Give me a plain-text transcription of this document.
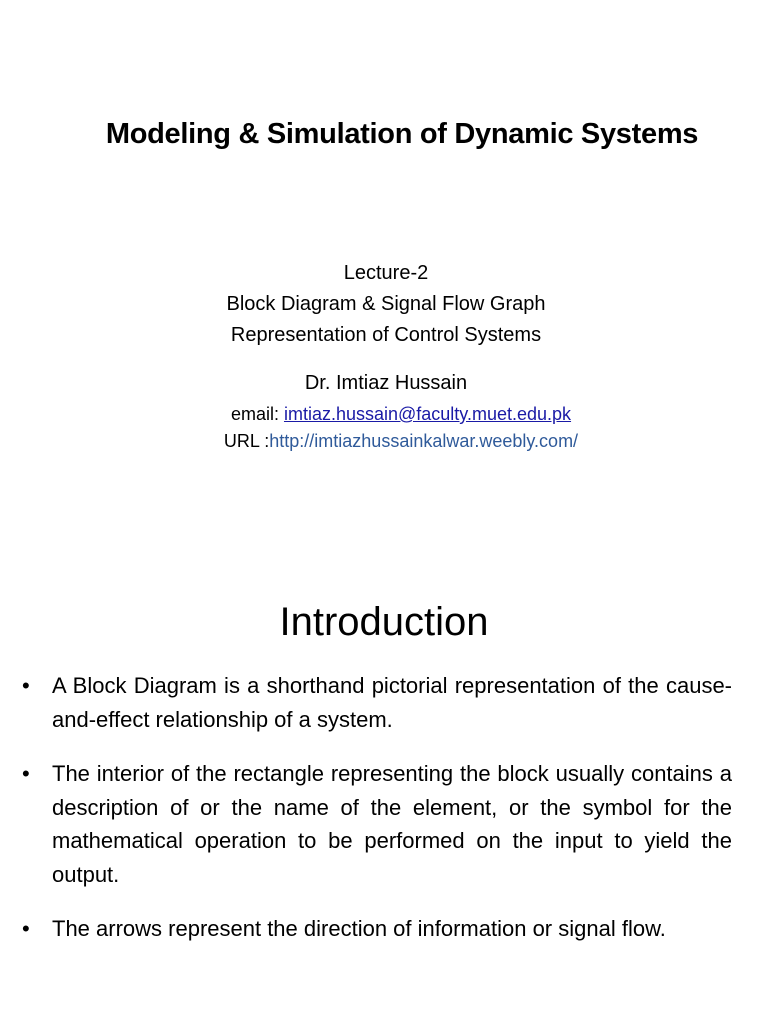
Modeling & Simulation of Dynamic Systems
Lecture-2
Block Diagram & Signal Flow Graph
Representation of Control Systems
Dr. Imtiaz Hussain
email: imtiaz.hussain@faculty.muet.edu.pk
URL :http://imtiazhussainkalwar.weebly.com/
Introduction
• A Block Diagram is a shorthand pictorial representation of the cause-and-effect relationship of a system.
• The interior of the rectangle representing the block usually contains a description of or the name of the element, or the symbol for the mathematical operation to be performed on the input to yield the output.
• The arrows represent the direction of information or signal flow.
